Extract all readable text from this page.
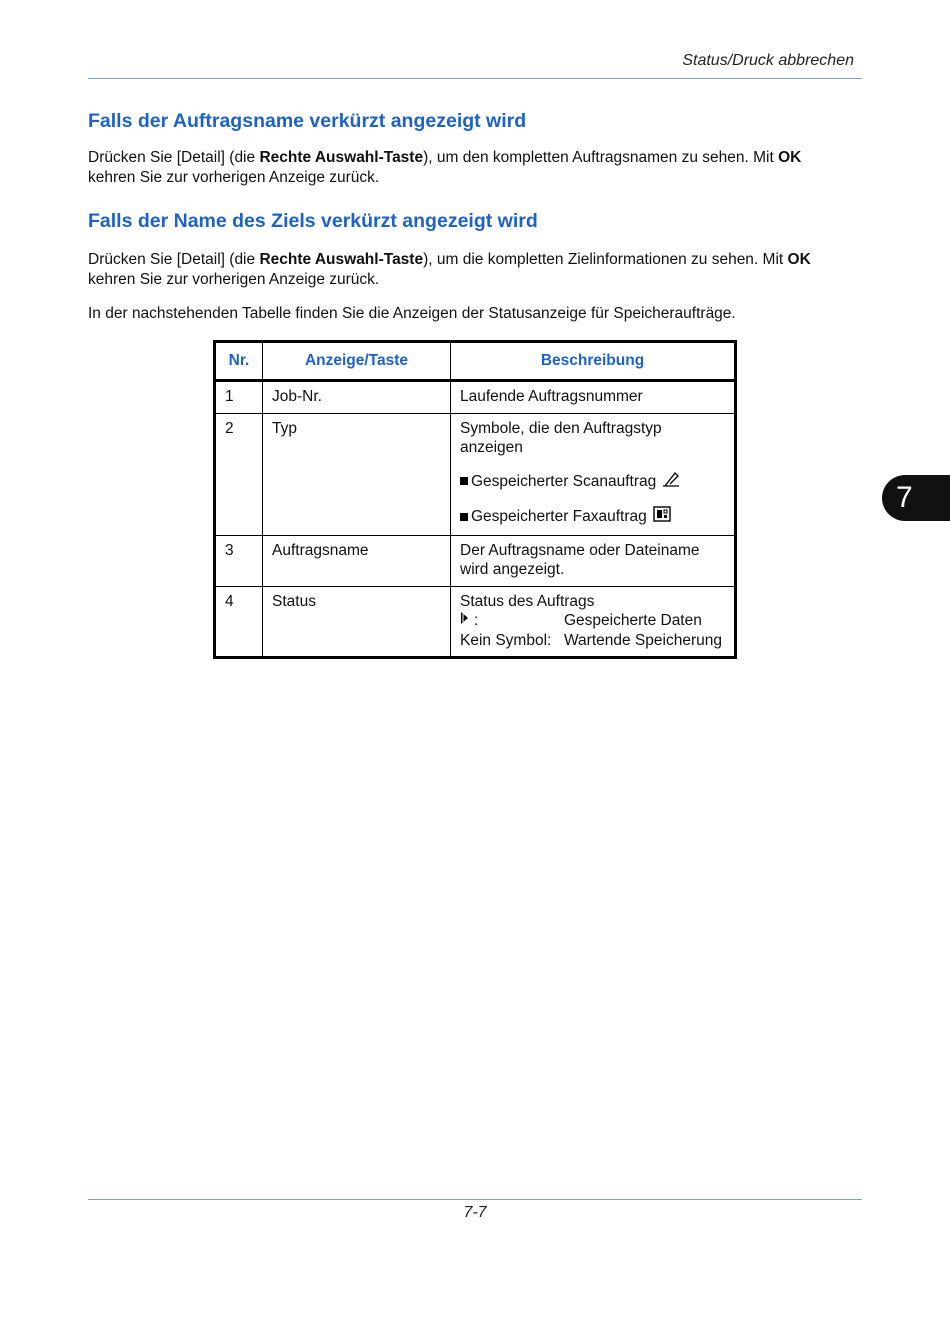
Status/Druck abbrechen
7
Falls der Auftragsname verkürzt angezeigt wird

Drücken Sie [Detail] (die Rechte Auswahl-Taste), um den kompletten Auftragsnamen zu sehen. Mit OK
kehren Sie zur vorherigen Anzeige zurück.

Falls der Name des Ziels verkürzt angezeigt wird

Drücken Sie [Detail] (die Rechte Auswahl-Taste), um die kompletten Zielinformationen zu sehen. Mit OK
kehren Sie zur vorherigen Anzeige zurück.

In der nachstehenden Tabelle finden Sie die Anzeigen der Statusanzeige für Speicheraufträge.

Nr.	Anzeige/Taste	Beschreibung
1	Job-Nr.	Laufende Auftragsnummer
2	Typ	Symbole, die den Auftragstyp anzeigen
Gespeicherter Scanauftrag
Gespeicherter Faxauftrag

3	Auftragsname	Der Auftragsname oder Dateiname wird angezeigt.
4	Status	Status des Auftrags
: Gespeicherte Daten
Kein Symbol: Wartende Speicherung
7-7
